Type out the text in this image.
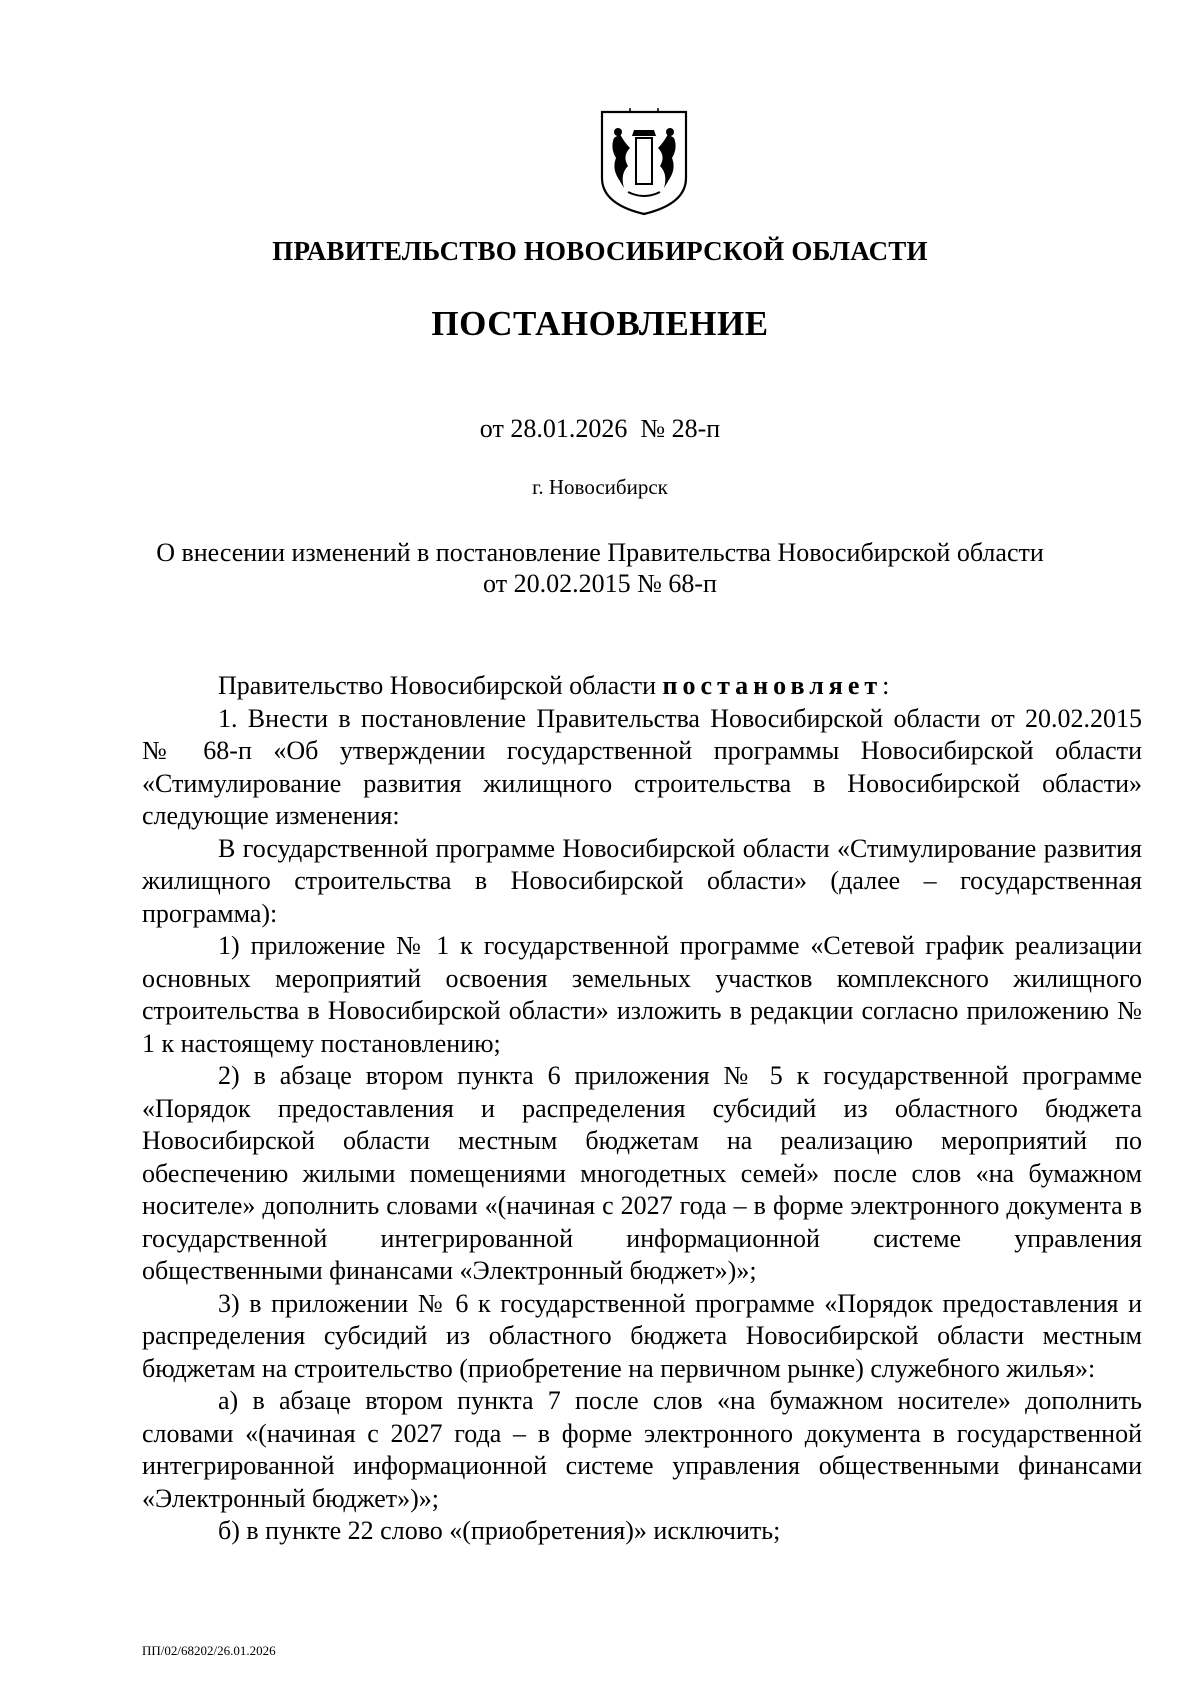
ПРАВИТЕЛЬСТВО НОВОСИБИРСКОЙ ОБЛАСТИ
ПОСТАНОВЛЕНИЕ
от 28.01.2026  № 28-п
г. Новосибирск
О внесении изменений в постановление Правительства Новосибирской области
от 20.02.2015 № 68-п

Правительство Новосибирской области постановляет:

1. Внести в постановление Правительства Новосибирской области от 20.02.2015 № 68-п «Об утверждении государственной программы Новосибирской области «Стимулирование развития жилищного строительства в Новосибирской области» следующие изменения:

В государственной программе Новосибирской области «Стимулирование развития жилищного строительства в Новосибирской области» (далее – государственная программа):

1) приложение № 1 к государственной программе «Сетевой график реализации основных мероприятий освоения земельных участков комплексного жилищного строительства в Новосибирской области» изложить в редакции согласно приложению № 1 к настоящему постановлению;

2) в абзаце втором пункта 6 приложения № 5 к государственной программе «Порядок предоставления и распределения субсидий из областного бюджета Новосибирской области местным бюджетам на реализацию мероприятий по обеспечению жилыми помещениями многодетных семей» после слов «на бумажном носителе» дополнить словами «(начиная с 2027 года – в форме электронного документа в государственной интегрированной информационной системе управления общественными финансами «Электронный бюджет»)»;

3) в приложении № 6 к государственной программе «Порядок предоставления и распределения субсидий из областного бюджета Новосибирской области местным бюджетам на строительство (приобретение на первичном рынке) служебного жилья»:

а) в абзаце втором пункта 7 после слов «на бумажном носителе» дополнить словами «(начиная с 2027 года – в форме электронного документа в государственной интегрированной информационной системе управления общественными финансами «Электронный бюджет»)»;

б) в пункте 22 слово «(приобретения)» исключить;

ПП/02/68202/26.01.2026
